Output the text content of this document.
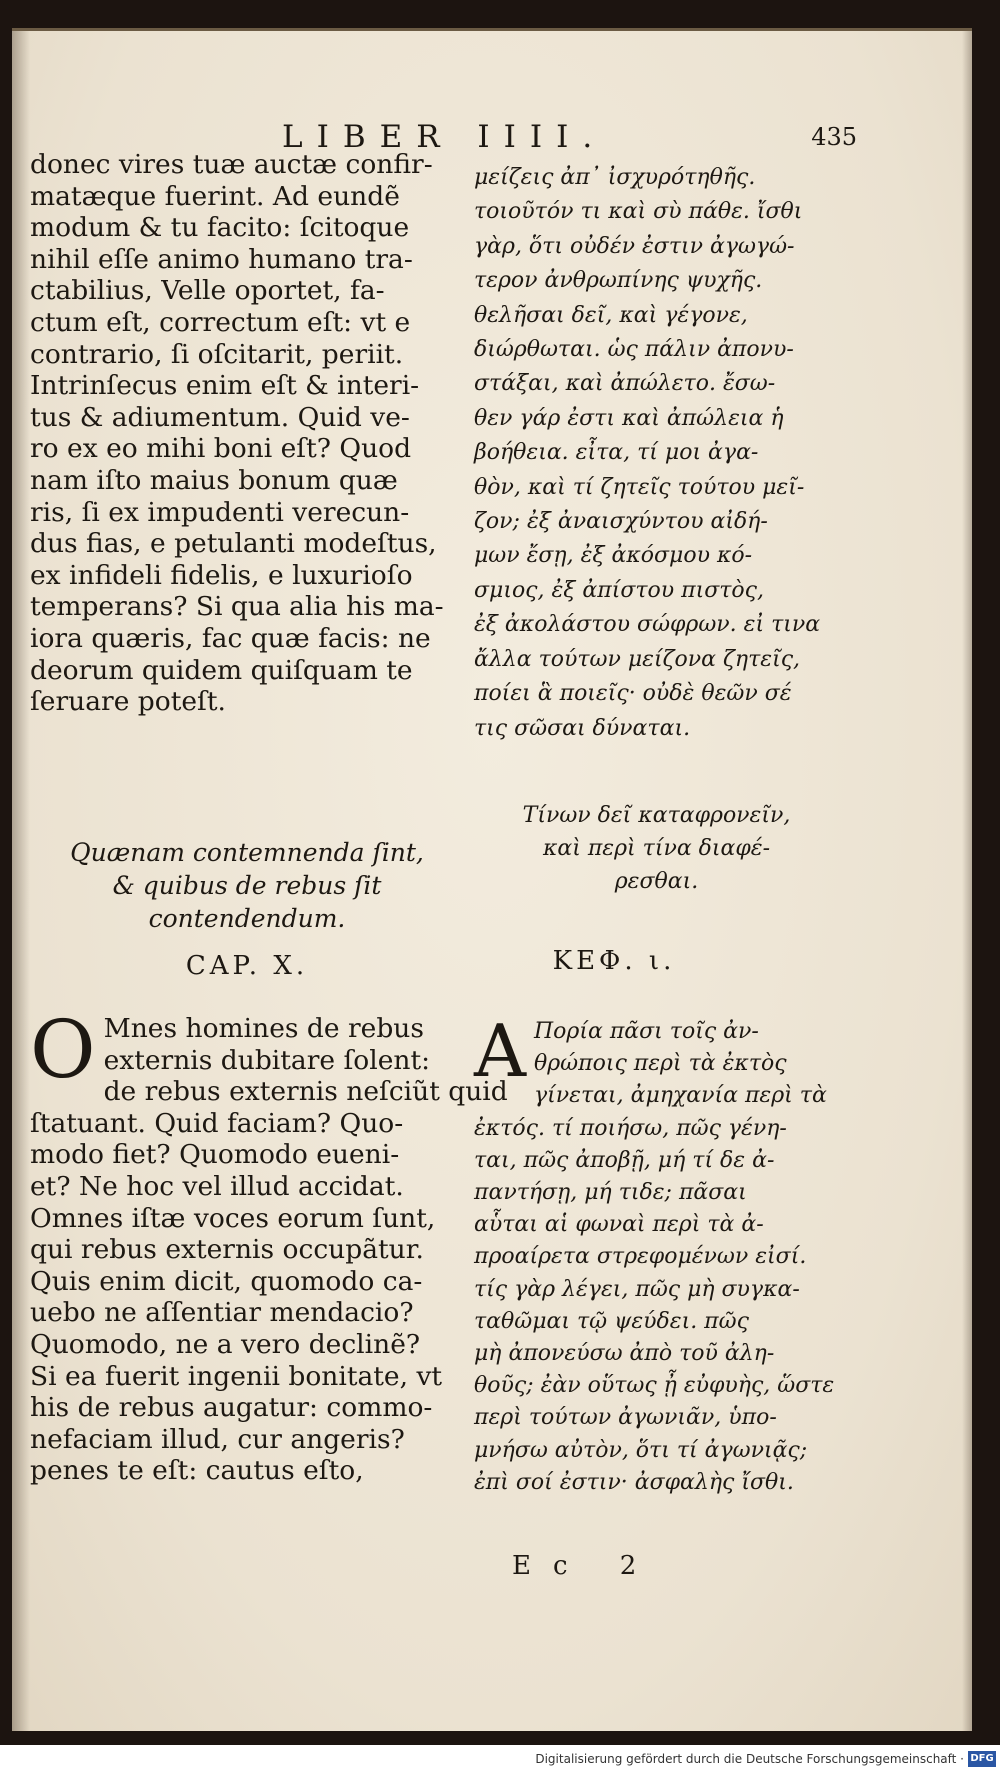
LIBER IIII.	435
donec vires tuæ auctæ confir-
matæque fuerint. Ad eundẽ
modum & tu facito: ſcitoque
nihil eſſe animo humano tra-
ctabilius, Velle oportet, fa-
ctum eſt, correctum eſt: vt e
contrario, ſi oſcitarit, periit.
Intrinſecus enim eſt & interi-
tus & adiumentum. Quid ve-
ro ex eo mihi boni eſt? Quod
nam iſto maius bonum quæ
ris, ſi ex impudenti verecun-
dus fias, e petulanti modeſtus,
ex infideli fidelis, e luxurioſo
temperans? Si qua alia his ma-
iora quæris, fac quæ facis: ne
deorum quidem quiſquam te
ſeruare poteſt.
Quænam contemnenda ſint,
& quibus de rebus ſit
contendendum.
CAP. X.
O Mnes homines de rebus
externis dubitare ſolent:
de rebus externis neſciũt quid
ſtatuant. Quid faciam? Quo-
modo fiet? Quomodo eueni-
et? Ne hoc vel illud accidat.
Omnes iſtæ voces eorum ſunt,
qui rebus externis occupãtur.
Quis enim dicit, quomodo ca-
uebo ne aſſentiar mendacio?
Quomodo, ne a vero declinẽ?
Si ea fuerit ingenii bonitate, vt
his de rebus augatur: commo-
nefaciam illud, cur angeris?
penes te eſt: cautus eſto,
μείζεις ἀπ᾽ ἰσχυρότηθῆς.
τοιοῦτόν τι καὶ σὺ πάθε. ἴσθι
γὰρ, ὅτι οὐδέν ἐστιν ἀγωγώ-
τερον ἀνθρωπίνης ψυχῆς.
θελῆσαι δεῖ, καὶ γέγονε,
διώρθωται. ὡς πάλιν ἀπονυ-
στάξαι, καὶ ἀπώλετο. ἔσω-
θεν γάρ ἐστι καὶ ἀπώλεια ἡ
βοήθεια. εἶτα, τί μοι ἀγα-
θὸν, καὶ τί ζητεῖς τούτου μεῖ-
ζον; ἐξ ἀναισχύντου αἰδή-
μων ἔσῃ, ἐξ ἀκόσμου κό-
σμιος, ἐξ ἀπίστου πιστὸς,
ἐξ ἀκολάστου σώφρων. εἰ τινα
ἄλλα τούτων μείζονα ζητεῖς,
ποίει ἃ ποιεῖς· οὐδὲ θεῶν σέ
τις σῶσαι δύναται.
Τίνων δεῖ καταφρονεῖν,
καὶ περὶ τίνα διαφέ-
ρεσθαι.
ΚΕΦ. ι.
Α Πορία πᾶσι τοῖς ἀν-
θρώποις περὶ τὰ ἐκτὸς
γίνεται, ἀμηχανία περὶ τὰ
ἐκτός. τί ποιήσω, πῶς γένη-
ται, πῶς ἀποβῇ, μή τί δε ἀ-
παντήσῃ, μή τιδε; πᾶσαι
αὗται αἱ φωναὶ περὶ τὰ ἀ-
προαίρετα στρεφομένων εἰσί.
τίς γὰρ λέγει, πῶς μὴ συγκα-
ταθῶμαι τῷ ψεύδει. πῶς
μὴ ἀπονεύσω ἀπὸ τοῦ ἀλη-
θοῦς; ἐὰν οὕτως ᾖ εὐφυὴς, ὥστε
περὶ τούτων ἀγωνιᾶν, ὑπο-
μνήσω αὐτὸν, ὅτι τί ἀγωνιᾷς;
ἐπὶ σοί ἐστιν· ἀσφαλὴς ἴσθι.
Ec 2
Digitalisierung gefördert durch die Deutsche Forschungsgemeinschaft · DFG
